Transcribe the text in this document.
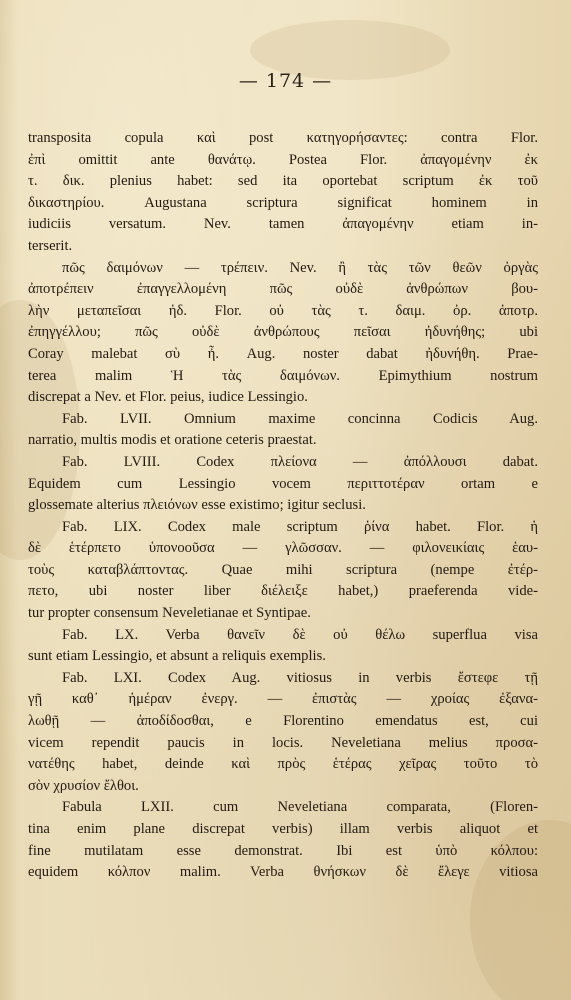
— 174 —
transposita copula καὶ post κατηγορήσαντες: contra Flor.
ἐπὶ omittit ante θανάτῳ. Postea Flor. ἀπαγομένην ἐκ
τ. δικ. plenius habet: sed ita oportebat scriptum ἐκ τοῦ
δικαστηρίου. Augustana scriptura significat hominem in
iudiciis versatum. Nev. tamen ἀπαγομένην etiam in-
terserit.
πῶς δαιμόνων — τρέπειν. Nev. ἢ τὰς τῶν θεῶν ὀργὰς
ἀποτρέπειν ἐπαγγελλομένη πῶς οὐδὲ ἀνθρώπων βου-
λὴν μεταπεῖσαι ἠδ. Flor. οὐ τὰς τ. δαιμ. ὀρ. ἀποτρ.
ἐπηγγέλλου; πῶς οὐδὲ ἀνθρώπους πεῖσαι ἠδυνήθης; ubi
Coray malebat σὺ ἦ. Aug. noster dabat ἠδυνήθη. Prae-
terea malim Ἡ τὰς δαιμόνων. Epimythium nostrum
discrepat a Nev. et Flor. peius, iudice Lessingio.
Fab. LVII. Omnium maxime concinna Codicis Aug.
narratio, multis modis et oratione ceteris praestat.
Fab. LVIII. Codex πλείονα — ἀπόλλουσι dabat.
Equidem cum Lessingio vocem περιττοτέραν ortam e
glossemate alterius πλειόνων esse existimo; igitur seclusi.
Fab. LIX. Codex male scriptum ῥίνα habet. Flor. ἡ
δὲ ἑτέρπετο ὑπονοοῦσα — γλῶσσαν. — φιλονεικίαις ἑαυ-
τοὺς καταβλάπτοντας. Quae mihi scriptura (nempe ἐτέρ-
πετο, ubi noster liber διέλειξε habet,) praeferenda vide-
tur propter consensum Neveletianae et Syntipae.
Fab. LX. Verba θανεῖν δὲ οὐ θέλω superflua visa
sunt etiam Lessingio, et absunt a reliquis exemplis.
Fab. LXI. Codex Aug. vitiosus in verbis ἔστεφε τῇ
γῇ καθ᾿ ἡμέραν ἐνεργ. — ἐπιστὰς — χροίας ἐξανα-
λωθῇ — ἀποδίδοσθαι, e Florentino emendatus est, cui
vicem rependit paucis in locis. Neveletiana melius προσα-
νατέθης habet, deinde καὶ πρὸς ἑτέρας χεῖρας τοῦτο τὸ
σὸν χρυσίον ἔλθοι.
Fabula LXII. cum Neveletiana comparata, (Floren-
tina enim plane discrepat verbis) illam verbis aliquot et
fine mutilatam esse demonstrat. Ibi est ὑπὸ κόλπου:
equidem κόλπον malim. Verba θνήσκων δὲ ἔλεγε vitiosa
